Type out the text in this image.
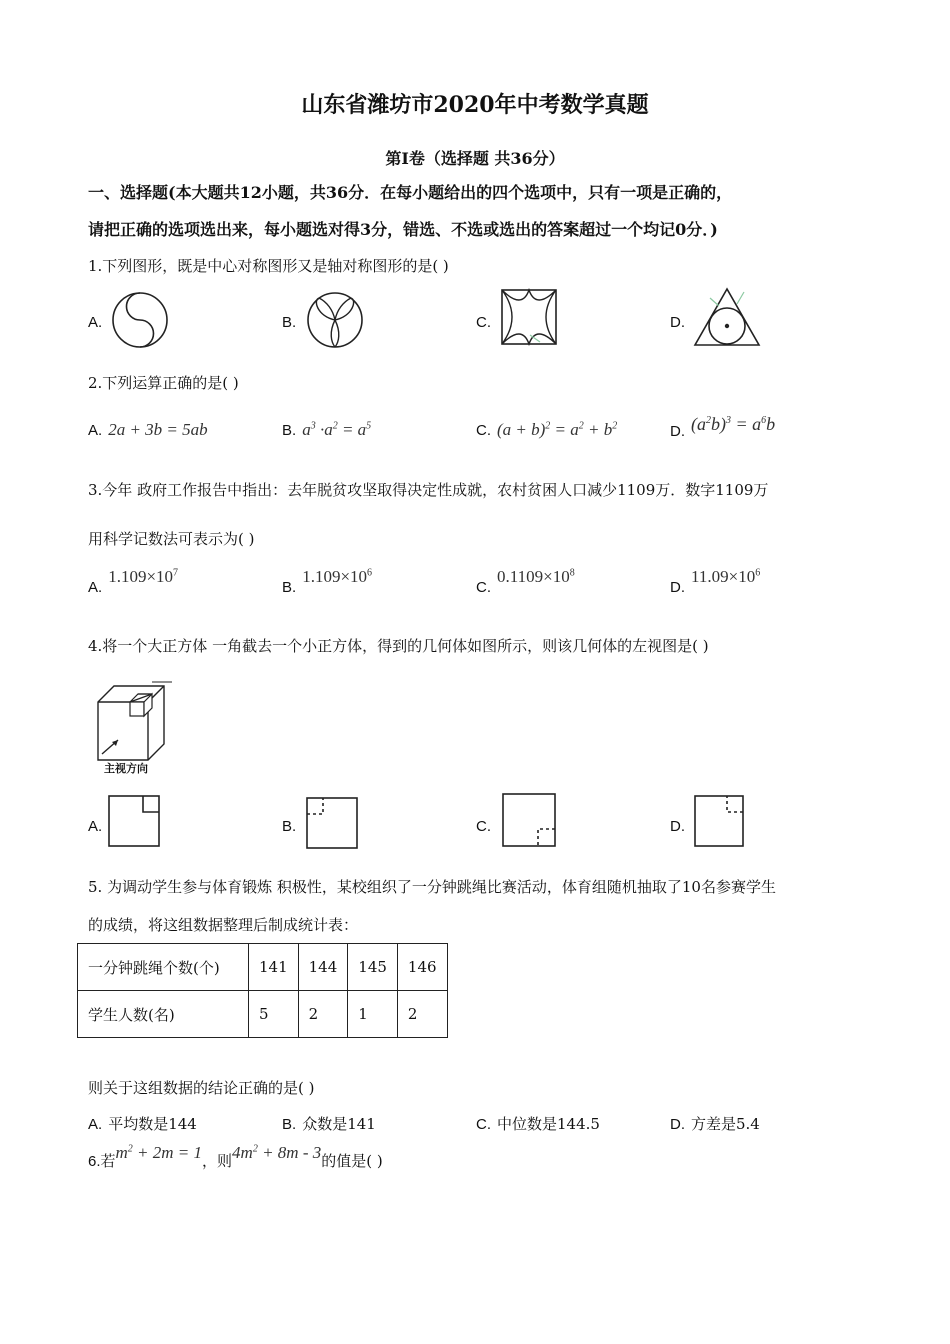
山东省潍坊市2020年中考数学真题
第Ⅰ卷（选择题 共36分）
一、选择题(本大题共12小题，共36分．在每小题给出的四个选项中，只有一项是正确的，
请把正确的选项选出来，每小题选对得3分，错选、不选或选出的答案超过一个均记0分．)
1.下列图形，既是中心对称图形又是轴对称图形的是( )
A.	B.	C.	D.
2.下列运算正确的是( )
A. 2a + 3b = 5ab	B. $a^3 \cdot a^2 = a^5$	C. $(a + b)^2 = a^2 + b^2$	D. $(a^2b)^3 = a^6b$
3.今年 政府工作报告中指出：去年脱贫攻坚取得决定性成就，农村贫困人口减少1109万．数字1109万
用科学记数法可表示为( )
$A.1.109\times 10^7$
$B.1.109\times 10^6$
$C.0.1109\times 10^8$
$D.11.09\times 10^6$
4.将一个大正方体 一角截去一个小正方体，得到的几何体如图所示，则该几何体的左视图是( )
主视方向
A.	B.	C.	D.
5. 为调动学生参与体育锻炼 积极性，某校组织了一分钟跳绳比赛活动，体育组随机抽取了10名参赛学生
的成绩，将这组数据整理后制成统计表：
一分钟跳绳个数(个)	141	144	145	146
学生人数(名)	5	2	1	2
则关于这组数据的结论正确的是( )
A. 平均数是144	B. 众数是141	C. 中位数是144.5	D. 方差是5.4
6.若$m^2 + 2m = 1$，则$4m^2 + 8m - 3$的值是( )
